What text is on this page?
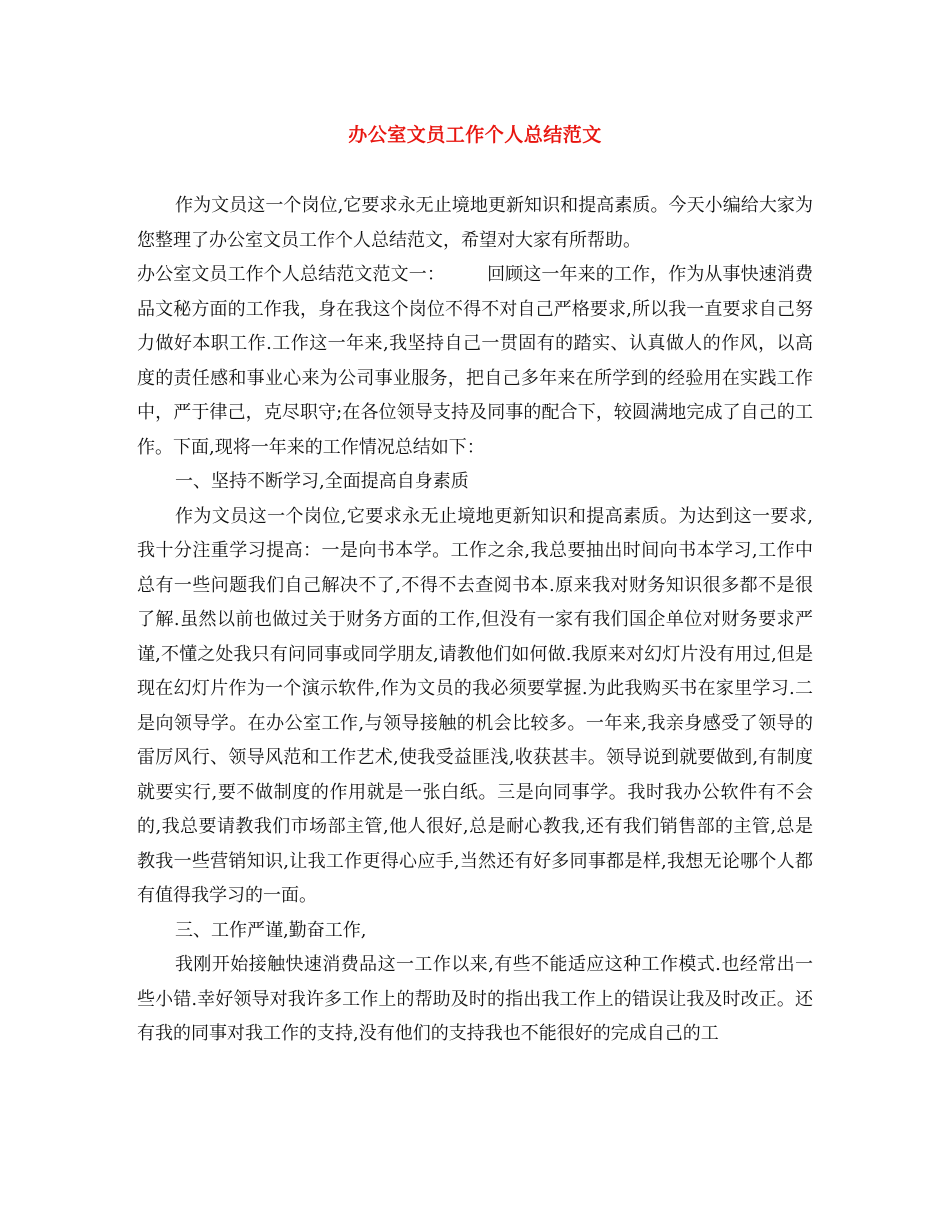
办公室文员工作个人总结范文

作为文员这一个岗位,它要求永无止境地更新知识和提高素质。今天小编给大家为您整理了办公室文员工作个人总结范文，希望对大家有所帮助。

办公室文员工作个人总结范文范文一： 回顾这一年来的工作，作为从事快速消费品文秘方面的工作我，身在我这个岗位不得不对自己严格要求,所以我一直要求自己努力做好本职工作.工作这一年来,我坚持自己一贯固有的踏实、认真做人的作风，以高度的责任感和事业心来为公司事业服务，把自己多年来在所学到的经验用在实践工作中，严于律己，克尽职守;在各位领导支持及同事的配合下，较圆满地完成了自己的工作。下面,现将一年来的工作情况总结如下：

一、坚持不断学习,全面提高自身素质

作为文员这一个岗位,它要求永无止境地更新知识和提高素质。为达到这一要求,我十分注重学习提高：一是向书本学。工作之余,我总要抽出时间向书本学习,工作中总有一些问题我们自己解决不了,不得不去查阅书本.原来我对财务知识很多都不是很了解.虽然以前也做过关于财务方面的工作,但没有一家有我们国企单位对财务要求严谨,不懂之处我只有问同事或同学朋友,请教他们如何做.我原来对幻灯片没有用过,但是现在幻灯片作为一个演示软件,作为文员的我必须要掌握.为此我购买书在家里学习.二是向领导学。在办公室工作,与领导接触的机会比较多。一年来,我亲身感受了领导的雷厉风行、领导风范和工作艺术,使我受益匪浅,收获甚丰。领导说到就要做到,有制度就要实行,要不做制度的作用就是一张白纸。三是向同事学。我时我办公软件有不会的,我总要请教我们市场部主管,他人很好,总是耐心教我,还有我们销售部的主管,总是教我一些营销知识,让我工作更得心应手,当然还有好多同事都是样,我想无论哪个人都有值得我学习的一面。

三、工作严谨,勤奋工作,

我刚开始接触快速消费品这一工作以来,有些不能适应这种工作模式.也经常出一些小错.幸好领导对我许多工作上的帮助及时的指出我工作上的错误让我及时改正。还有我的同事对我工作的支持,没有他们的支持我也不能很好的完成自己的工
